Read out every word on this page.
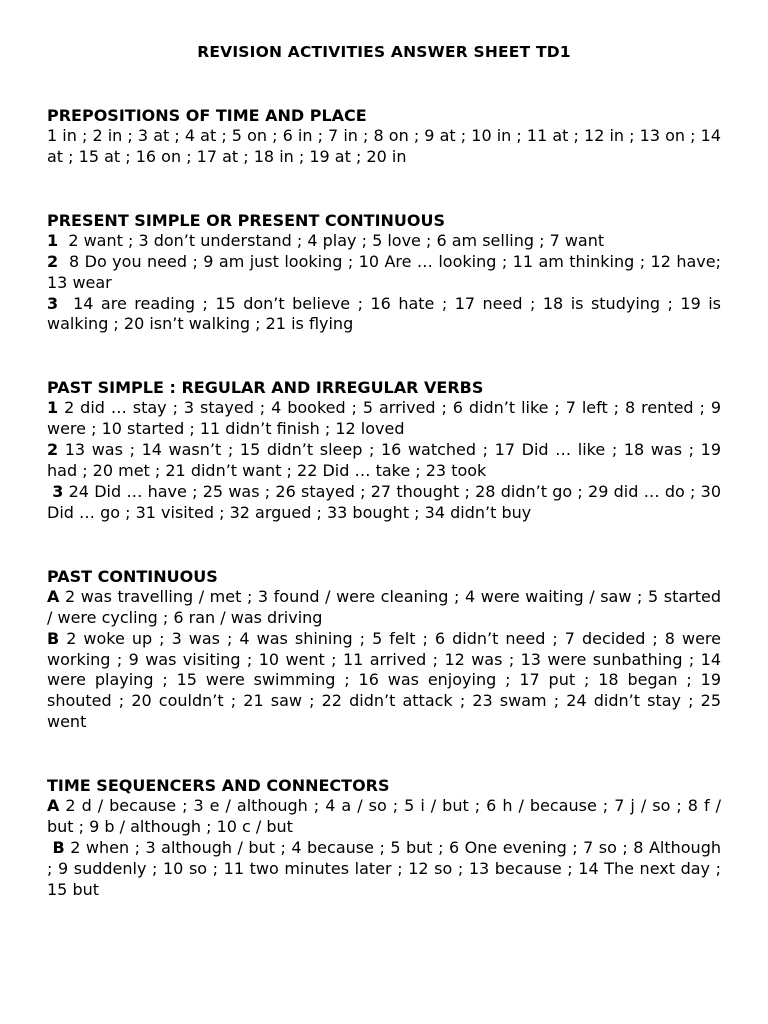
REVISION ACTIVITIES ANSWER SHEET TD1
PREPOSITIONS OF TIME AND PLACE

1 in ; 2 in ; 3 at ; 4 at ; 5 on ; 6 in ; 7 in ; 8 on ; 9 at ; 10 in ; 11 at ; 12 in ; 13 on ; 14 at ; 15 at ; 16 on ; 17 at ; 18 in ; 19 at ; 20 in

PRESENT SIMPLE OR PRESENT CONTINUOUS

1  2 want ; 3 don’t understand ; 4 play ; 5 love ; 6 am selling ; 7 want

2  8 Do you need ; 9 am just looking ; 10 Are … looking ; 11 am thinking ; 12 have; 13 wear

3  14 are reading ; 15 don’t believe ; 16 hate ; 17 need ; 18 is studying ; 19 is walking ; 20 isn’t walking ; 21 is flying

PAST SIMPLE : REGULAR AND IRREGULAR VERBS

1 2 did … stay ; 3 stayed ; 4 booked ; 5 arrived ; 6 didn’t like ; 7 left ; 8 rented ; 9 were ; 10 started ; 11 didn’t finish ; 12 loved

2 13 was ; 14 wasn’t ; 15 didn’t sleep ; 16 watched ; 17 Did … like ; 18 was ; 19 had ; 20 met ; 21 didn’t want ; 22 Did … take ; 23 took

3 24 Did … have ; 25 was ; 26 stayed ; 27 thought ; 28 didn’t go ; 29 did … do ; 30 Did … go ; 31 visited ; 32 argued ; 33 bought ; 34 didn’t buy

PAST CONTINUOUS

A 2 was travelling / met ; 3 found / were cleaning ; 4 were waiting / saw ; 5 started / were cycling ; 6 ran / was driving

B 2 woke up ; 3 was ; 4 was shining ; 5 felt ; 6 didn’t need ; 7 decided ; 8 were working ; 9 was visiting ; 10 went ; 11 arrived ; 12 was ; 13 were sunbathing ; 14 were playing ; 15 were swimming ; 16 was enjoying ; 17 put ; 18 began ; 19 shouted ; 20 couldn’t ; 21 saw ; 22 didn’t attack ; 23 swam ; 24 didn’t stay ; 25 went

TIME SEQUENCERS AND CONNECTORS

A 2 d / because ; 3 e / although ; 4 a / so ; 5 i / but ; 6 h / because ; 7 j / so ; 8 f / but ; 9 b / although ; 10 c / but

B 2 when ; 3 although / but ; 4 because ; 5 but ; 6 One evening ; 7 so ; 8 Although ; 9 suddenly ; 10 so ; 11 two minutes later ; 12 so ; 13 because ; 14 The next day ; 15 but
